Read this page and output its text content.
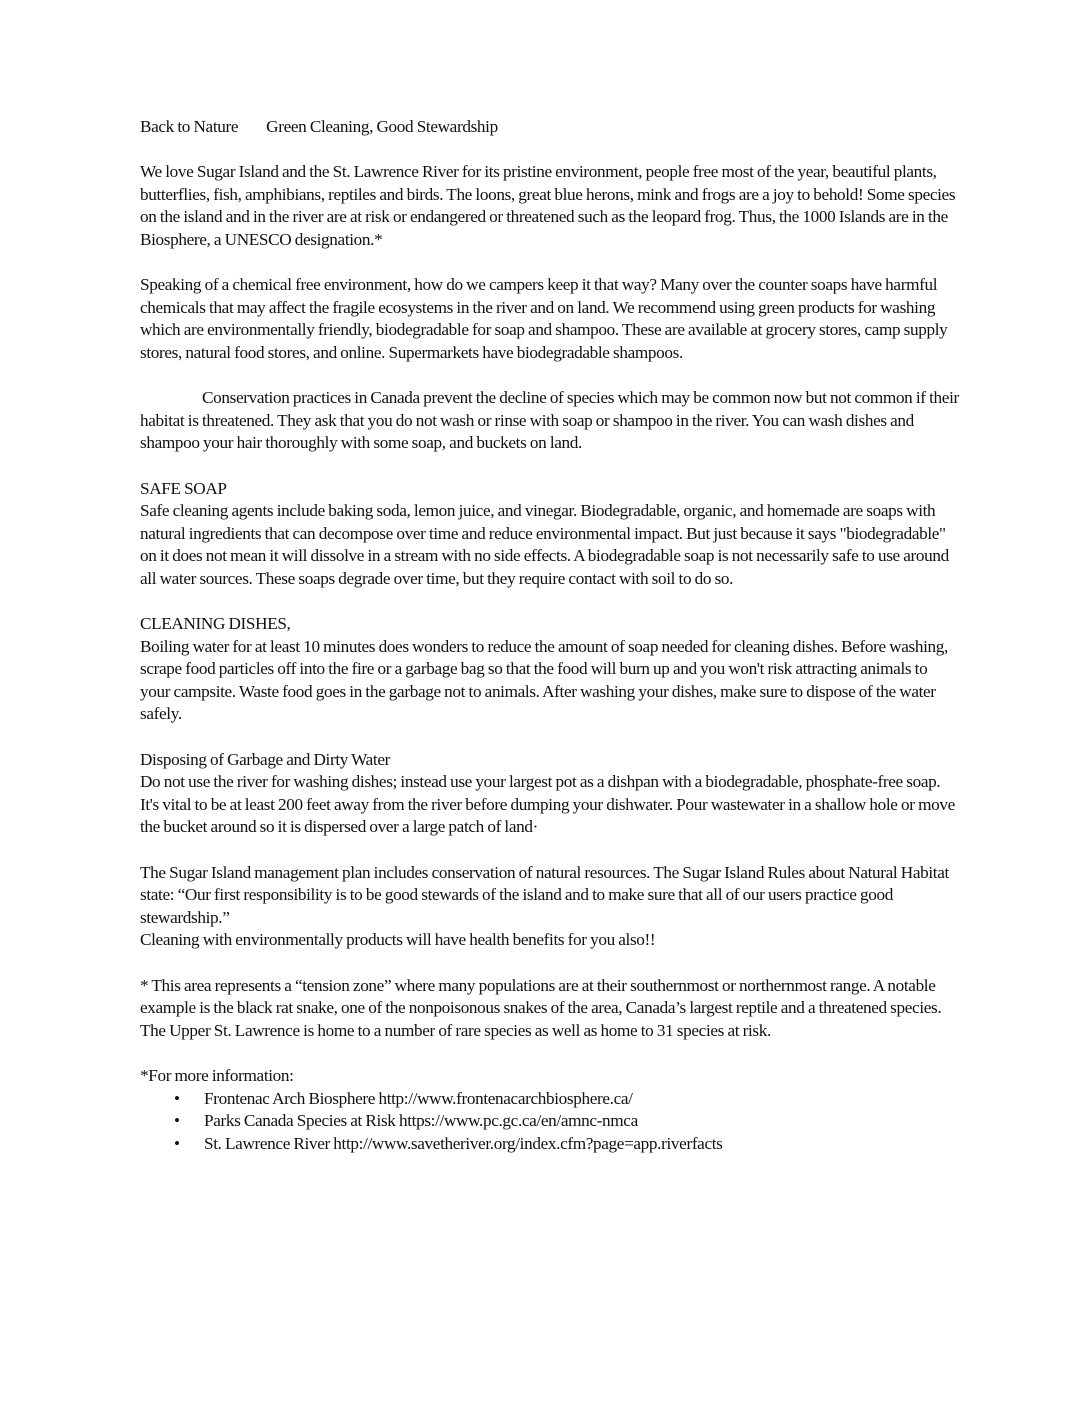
Back to Nature Green Cleaning, Good Stewardship

We love Sugar Island and the St. Lawrence River for its pristine environment, people free most of the year, beautiful plants, butterflies, fish, amphibians, reptiles and birds. The loons, great blue herons, mink and frogs are a joy to behold! Some species on the island and in the river are at risk or endangered or threatened such as the leopard frog. Thus, the 1000 Islands are in the Biosphere, a UNESCO designation.*

Speaking of a chemical free environment, how do we campers keep it that way? Many over the counter soaps have harmful chemicals that may affect the fragile ecosystems in the river and on land. We recommend using green products for washing which are environmentally friendly, biodegradable for soap and shampoo. These are available at grocery stores, camp supply stores, natural food stores, and online. Supermarkets have biodegradable shampoos.

Conservation practices in Canada prevent the decline of species which may be common now but not common if their habitat is threatened. They ask that you do not wash or rinse with soap or shampoo in the river. You can wash dishes and shampoo your hair thoroughly with some soap, and buckets on land.

SAFE SOAP

Safe cleaning agents include baking soda, lemon juice, and vinegar. Biodegradable, organic, and homemade are soaps with natural ingredients that can decompose over time and reduce environmental impact. But just because it says "biodegradable" on it does not mean it will dissolve in a stream with no side effects. A biodegradable soap is not necessarily safe to use around all water sources. These soaps degrade over time, but they require contact with soil to do so.

CLEANING DISHES,

Boiling water for at least 10 minutes does wonders to reduce the amount of soap needed for cleaning dishes. Before washing, scrape food particles off into the fire or a garbage bag so that the food will burn up and you won't risk attracting animals to your campsite. Waste food goes in the garbage not to animals. After washing your dishes, make sure to dispose of the water safely.

Disposing of Garbage and Dirty Water

Do not use the river for washing dishes; instead use your largest pot as a dishpan with a biodegradable, phosphate-free soap. It's vital to be at least 200 feet away from the river before dumping your dishwater. Pour wastewater in a shallow hole or move the bucket around so it is dispersed over a large patch of land·

The Sugar Island management plan includes conservation of natural resources. The Sugar Island Rules about Natural Habitat state: “Our first responsibility is to be good stewards of the island and to make sure that all of our users practice good stewardship.”

Cleaning with environmentally products will have health benefits for you also!!

* This area represents a “tension zone” where many populations are at their southernmost or northernmost range. A notable example is the black rat snake, one of the nonpoisonous snakes of the area, Canada’s largest reptile and a threatened species. The Upper St. Lawrence is home to a number of rare species as well as home to 31 species at risk.

*For more information:

• Frontenac Arch Biosphere http://www.frontenacarchbiosphere.ca/
• Parks Canada Species at Risk https://www.pc.gc.ca/en/amnc-nmca
• St. Lawrence River http://www.savetheriver.org/index.cfm?page=app.riverfacts
